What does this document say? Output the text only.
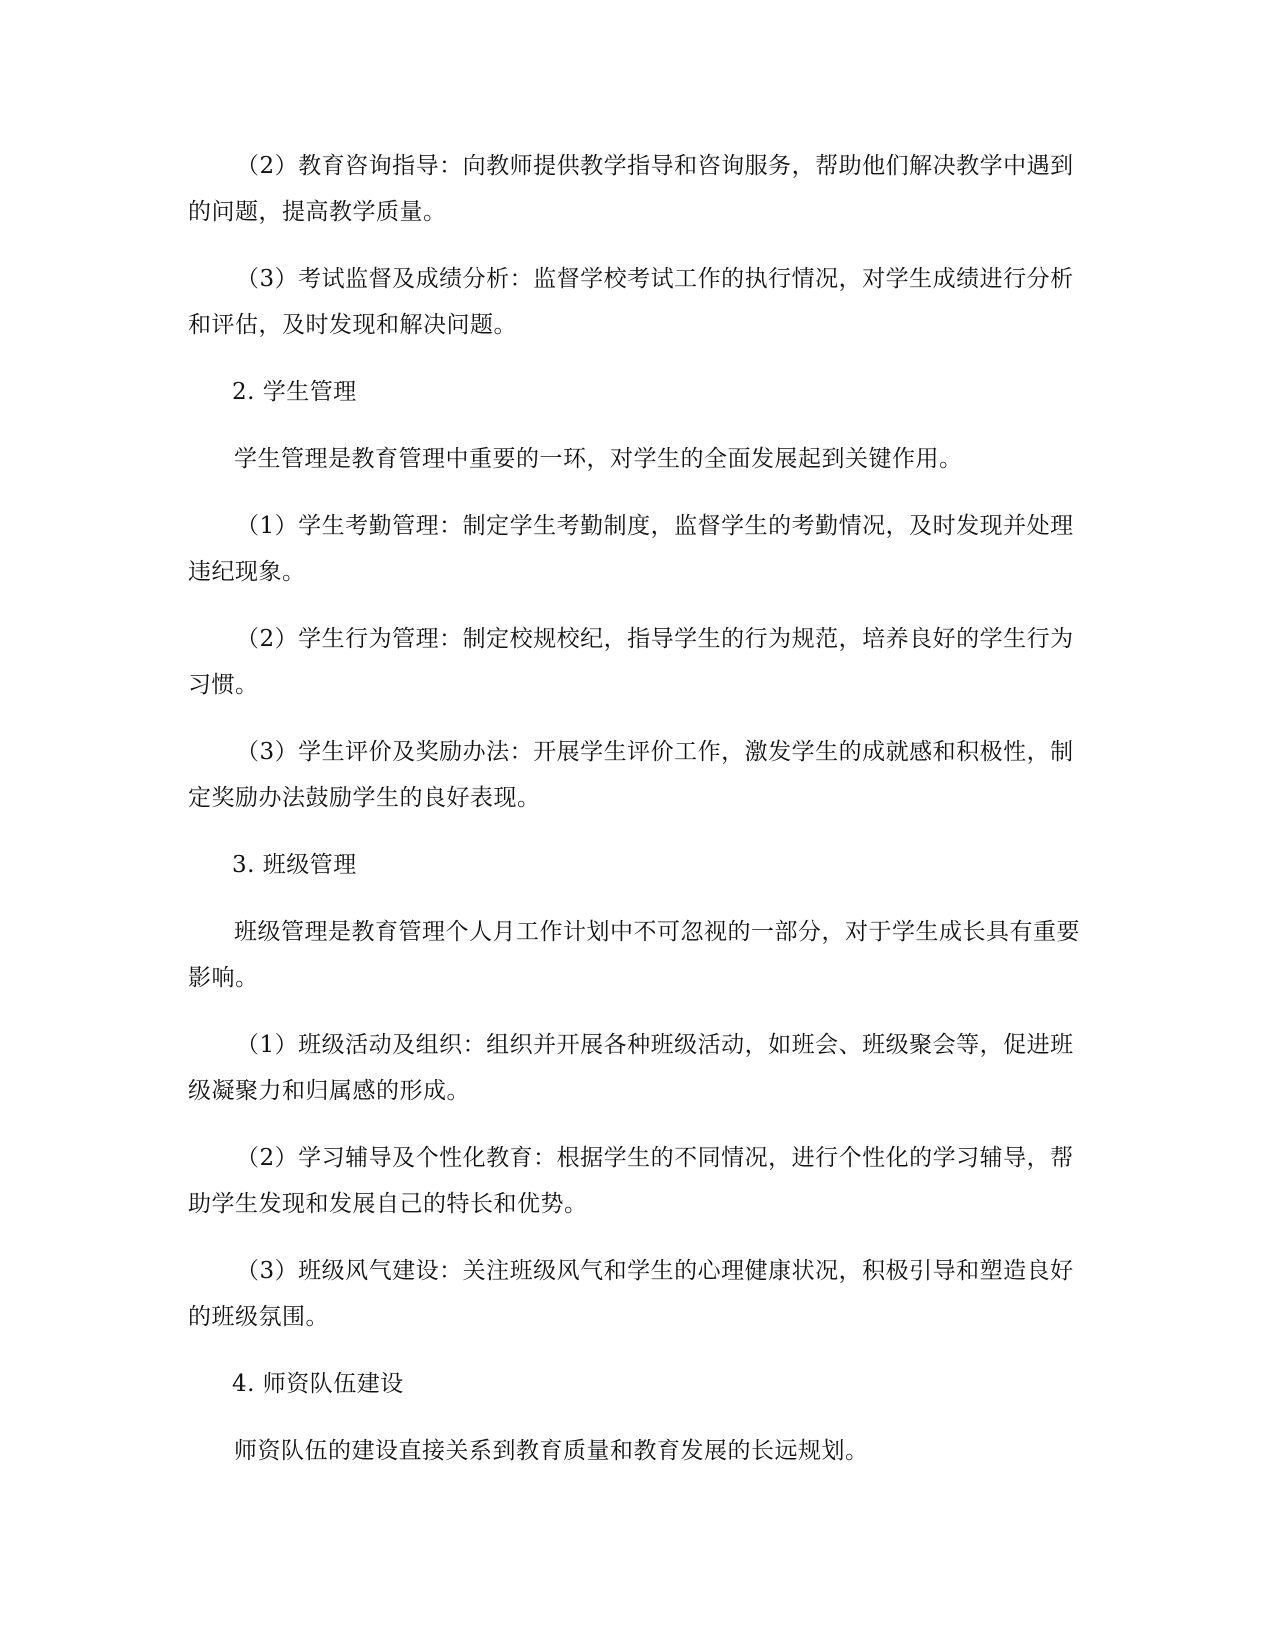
（2）教育咨询指导：向教师提供教学指导和咨询服务，帮助他们解决教学中遇到的问题，提高教学质量。

（3）考试监督及成绩分析：监督学校考试工作的执行情况，对学生成绩进行分析和评估，及时发现和解决问题。

2. 学生管理

学生管理是教育管理中重要的一环，对学生的全面发展起到关键作用。

（1）学生考勤管理：制定学生考勤制度，监督学生的考勤情况，及时发现并处理违纪现象。

（2）学生行为管理：制定校规校纪，指导学生的行为规范，培养良好的学生行为习惯。

（3）学生评价及奖励办法：开展学生评价工作，激发学生的成就感和积极性，制定奖励办法鼓励学生的良好表现。

3. 班级管理

班级管理是教育管理个人月工作计划中不可忽视的一部分，对于学生成长具有重要影响。

（1）班级活动及组织：组织并开展各种班级活动，如班会、班级聚会等，促进班级凝聚力和归属感的形成。

（2）学习辅导及个性化教育：根据学生的不同情况，进行个性化的学习辅导，帮助学生发现和发展自己的特长和优势。

（3）班级风气建设：关注班级风气和学生的心理健康状况，积极引导和塑造良好的班级氛围。

4. 师资队伍建设

师资队伍的建设直接关系到教育质量和教育发展的长远规划。
